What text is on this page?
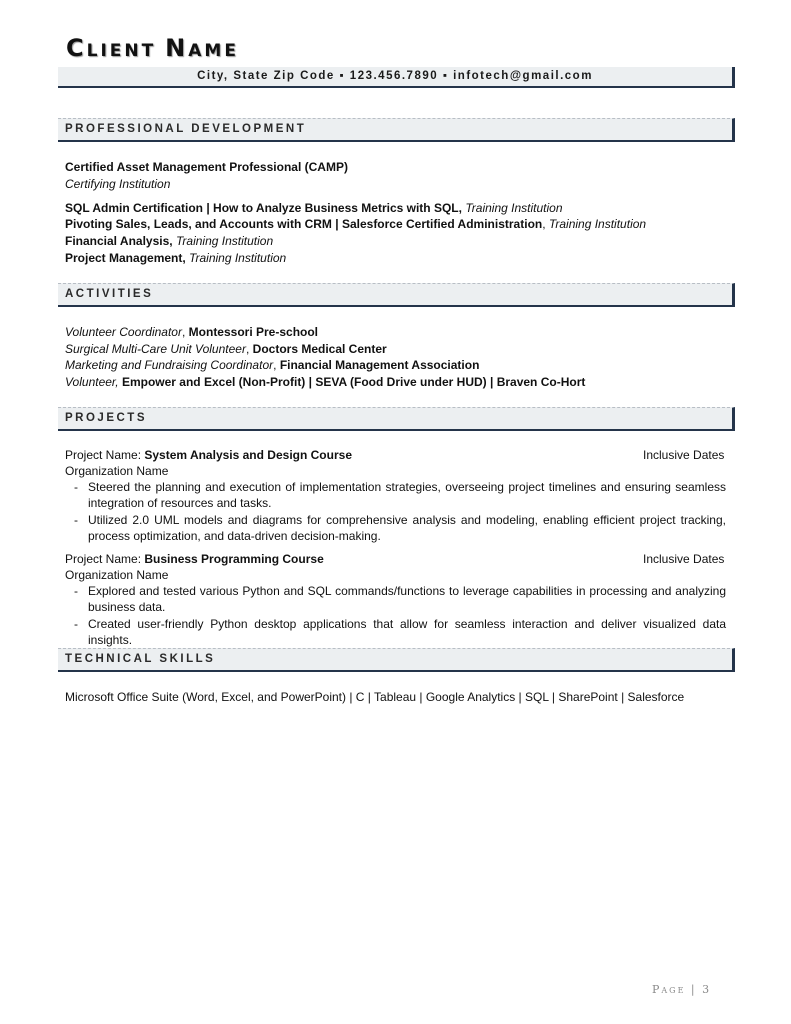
CLIENT NAME
City, State Zip Code ▪ 123.456.7890 ▪ infotech@gmail.com
PROFESSIONAL DEVELOPMENT
Certified Asset Management Professional (CAMP)
Certifying Institution
SQL Admin Certification | How to Analyze Business Metrics with SQL, Training Institution
Pivoting Sales, Leads, and Accounts with CRM | Salesforce Certified Administration, Training Institution
Financial Analysis, Training Institution
Project Management, Training Institution
ACTIVITIES
Volunteer Coordinator, Montessori Pre-school
Surgical Multi-Care Unit Volunteer, Doctors Medical Center
Marketing and Fundraising Coordinator, Financial Management Association
Volunteer, Empower and Excel (Non-Profit) | SEVA (Food Drive under HUD) | Braven Co-Hort
PROJECTS
Project Name: System Analysis and Design Course	Inclusive Dates
Organization Name
- Steered the planning and execution of implementation strategies, overseeing project timelines and ensuring seamless integration of resources and tasks.
- Utilized 2.0 UML models and diagrams for comprehensive analysis and modeling, enabling efficient project tracking, process optimization, and data-driven decision-making.
Project Name: Business Programming Course	Inclusive Dates
Organization Name
- Explored and tested various Python and SQL commands/functions to leverage capabilities in processing and analyzing business data.
- Created user-friendly Python desktop applications that allow for seamless interaction and deliver visualized data insights.
TECHNICAL SKILLS
Microsoft Office Suite (Word, Excel, and PowerPoint) | C | Tableau | Google Analytics | SQL | SharePoint | Salesforce
Page | 3
